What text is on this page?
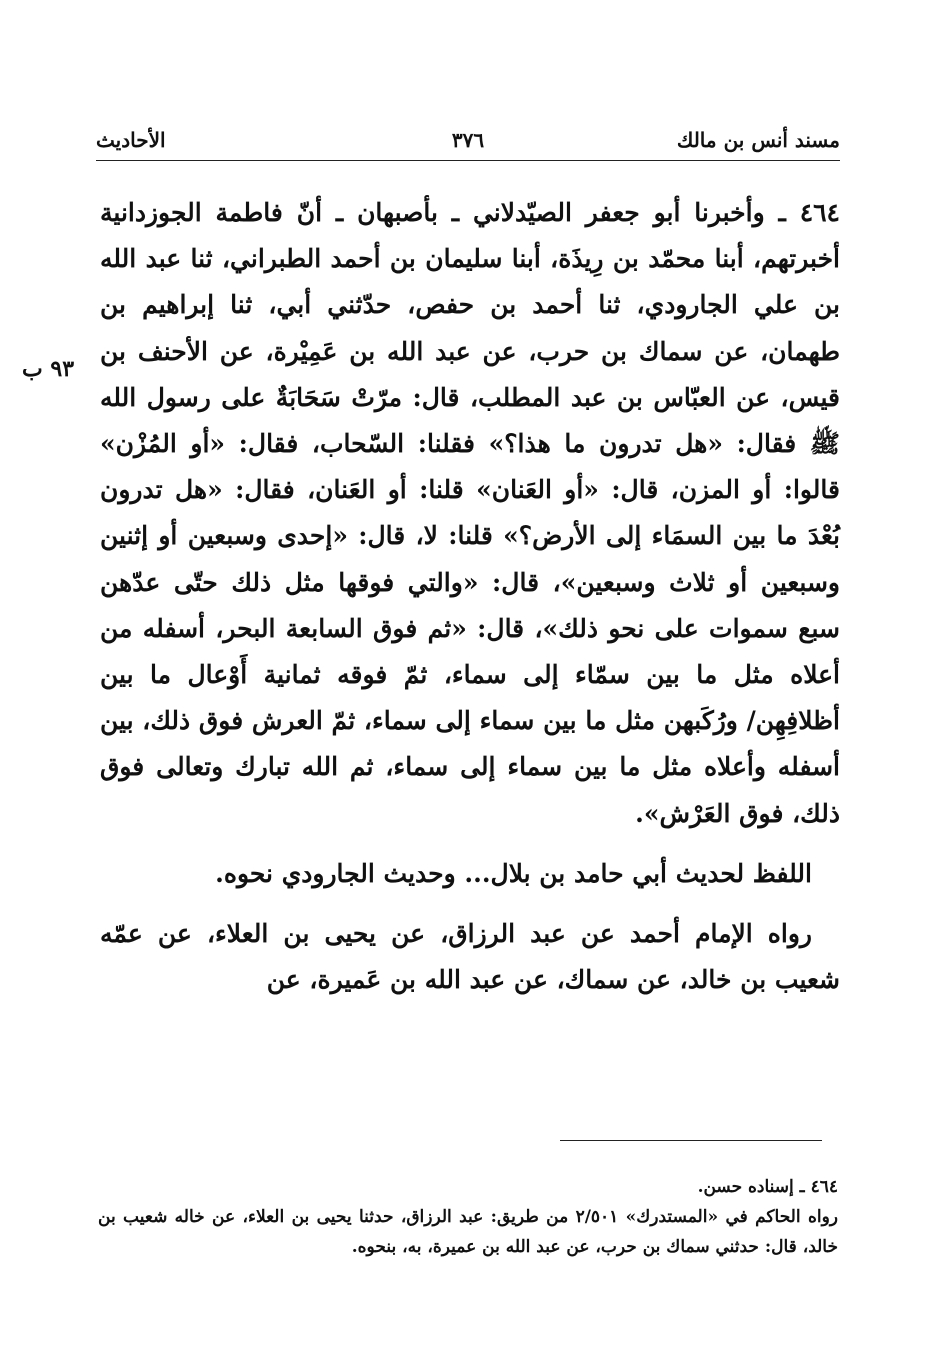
مسند أنس بن مالك
٣٧٦
الأحاديث
٩٣ ب

٤٦٤ ـ وأخبرنا أبو جعفر الصيّدلاني ـ بأصبهان ـ أنّ فاطمة الجوزدانية أخبرتهم، أبنا محمّد بن رِيذَة، أبنا سليمان بن أحمد الطبراني، ثنا عبد الله بن علي الجارودي، ثنا أحمد بن حفص، حدّثني أبي، ثنا إبراهيم بن طهمان، عن سماك بن حرب، عن عبد الله بن عَمِيْرة، عن الأحنف بن قيس، عن العبّاس بن عبد المطلب، قال: مرّتْ سَحَابَةٌ على رسول الله ﷺ فقال: «هل تدرون ما هذا؟» فقلنا: السّحاب، فقال: «أو المُزْن» قالوا: أو المزن، قال: «أو العَنان» قلنا: أو العَنان، فقال: «هل تدرون بُعْدَ ما بين السمَاء إلى الأرض؟» قلنا: لا، قال: «إحدى وسبعين أو إثنين وسبعين أو ثلاث وسبعين»، قال: «والتي فوقها مثل ذلك حتّى عدّهن سبع سموات على نحو ذلك»، قال: «ثم فوق السابعة البحر، أسفله من أعلاه مثل ما بين سمّاء إلى سماء، ثمّ فوقه ثمانية أَوْعال ما بين أظلافِهِن/ ورُكَبهن مثل ما بين سماء إلى سماء، ثمّ العرش فوق ذلك، بين أسفله وأعلاه مثل ما بين سماء إلى سماء، ثم الله تبارك وتعالى فوق ذلك، فوق العَرْش».

اللفظ لحديث أبي حامد بن بلال... وحديث الجارودي نحوه.

رواه الإمام أحمد عن عبد الرزاق، عن يحيى بن العلاء، عن عمّه شعيب بن خالد، عن سماك، عن عبد الله بن عَميرة، عن

٤٦٤ ـ إسناده حسن.

رواه الحاكم في «المستدرك» ٢/٥٠١ من طريق: عبد الرزاق، حدثنا يحيى بن العلاء، عن خاله شعيب بن خالد، قال: حدثني سماك بن حرب، عن عبد الله بن عميرة، به، بنحوه.
